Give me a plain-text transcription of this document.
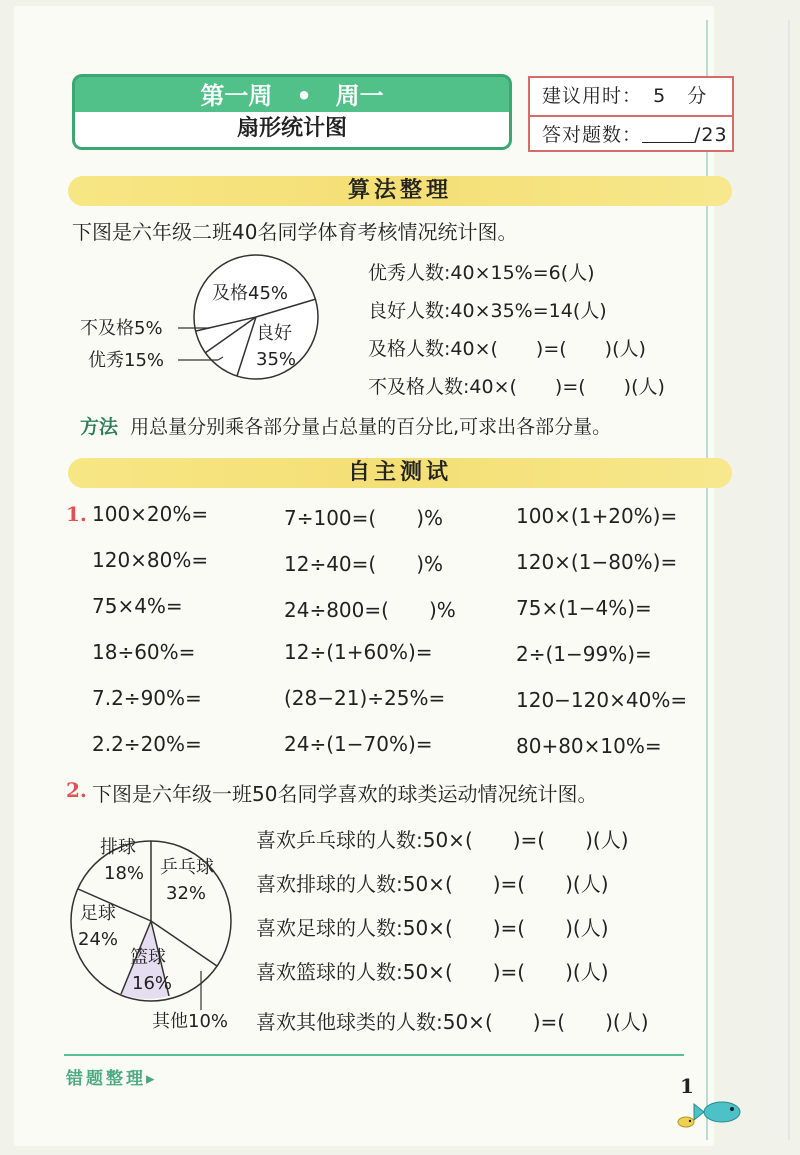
第一周　•　周一
扇形统计图
建议用时： 5 分
答对题数：	/23
算法整理
下图是六年级二班40名同学体育考核情况统计图。
及格45%
良好
35%
不及格5%
优秀15%
优秀人数:40×15%=6(人)
良好人数:40×35%=14(人)
及格人数:40×(　　)=(　　)(人)
不及格人数:40×(　　)=(　　)(人)
方法 用总量分别乘各部分量占总量的百分比,可求出各部分量。
自主测试
1. 100×20%=	7÷100=(　　)%	100×(1+20%)=
120×80%=	12÷40=(　　)%	120×(1−80%)=
75×4%=	24÷800=(　　)%	75×(1−4%)=
18÷60%=	12÷(1+60%)=	2÷(1−99%)=
7.2÷90%=	(28−21)÷25%=	120−120×40%=
2.2÷20%=	24÷(1−70%)=	80+80×10%=
2. 下图是六年级一班50名同学喜欢的球类运动情况统计图。
排球
18% 乒乓球
32%
足球
24%
篮球
16%
其他10%
喜欢乒乓球的人数:50×(　　)=(　　)(人)
喜欢排球的人数:50×(　　)=(　　)(人)
喜欢足球的人数:50×(　　)=(　　)(人)
喜欢篮球的人数:50×(　　)=(　　)(人)
喜欢其他球类的人数:50×(　　)=(　　)(人)
错题整理▸	1
